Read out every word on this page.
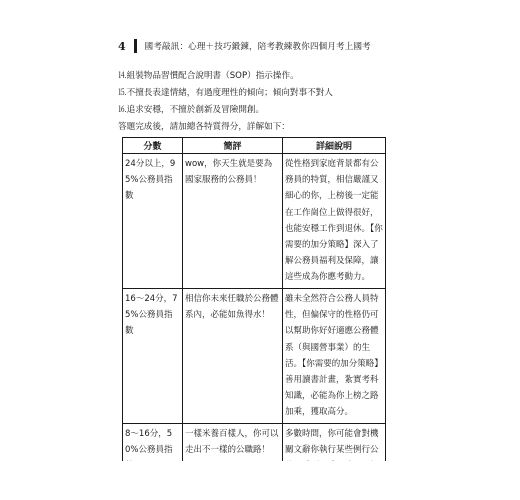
4 國考敲訊：心理＋技巧鍛鍊，陪考教練教你四個月考上國考
⒕組裝物品習慣配合說明書（SOP）指示操作。
⒖不擅長表達情緒，有過度理性的傾向；傾向對事不對人
⒗追求安穩，不擅於創新及冒險開創。
答題完成後，請加總各特質得分，詳解如下：
分數	簡評	詳細說明
24分以上，95%公務員指數	wow，你天生就是要為國家服務的公務員！	從性格到家庭背景都有公務員的特質，相信嚴謹又細心的你，上榜後一定能在工作崗位上做得很好，也能安穩工作到退休。【你需要的加分策略】深入了解公務員福利及保障，讓這些成為你應考動力。
16～24分，75%公務員指數	相信你未來任職於公務體系內，必能如魚得水！	雖未全然符合公務人員特性，但偏保守的性格仍可以幫助你好好適應公務體系（與國營事業）的生活。【你需要的加分策略】善用讀書計畫，紮實考科知識，必能為你上榜之路加乘，獲取高分。
8～16分，50%公務員指	一樣米養百樣人，你可以走出不一樣的公職路！	多數時間，你可能會對機關文辭你執行某些例行公
